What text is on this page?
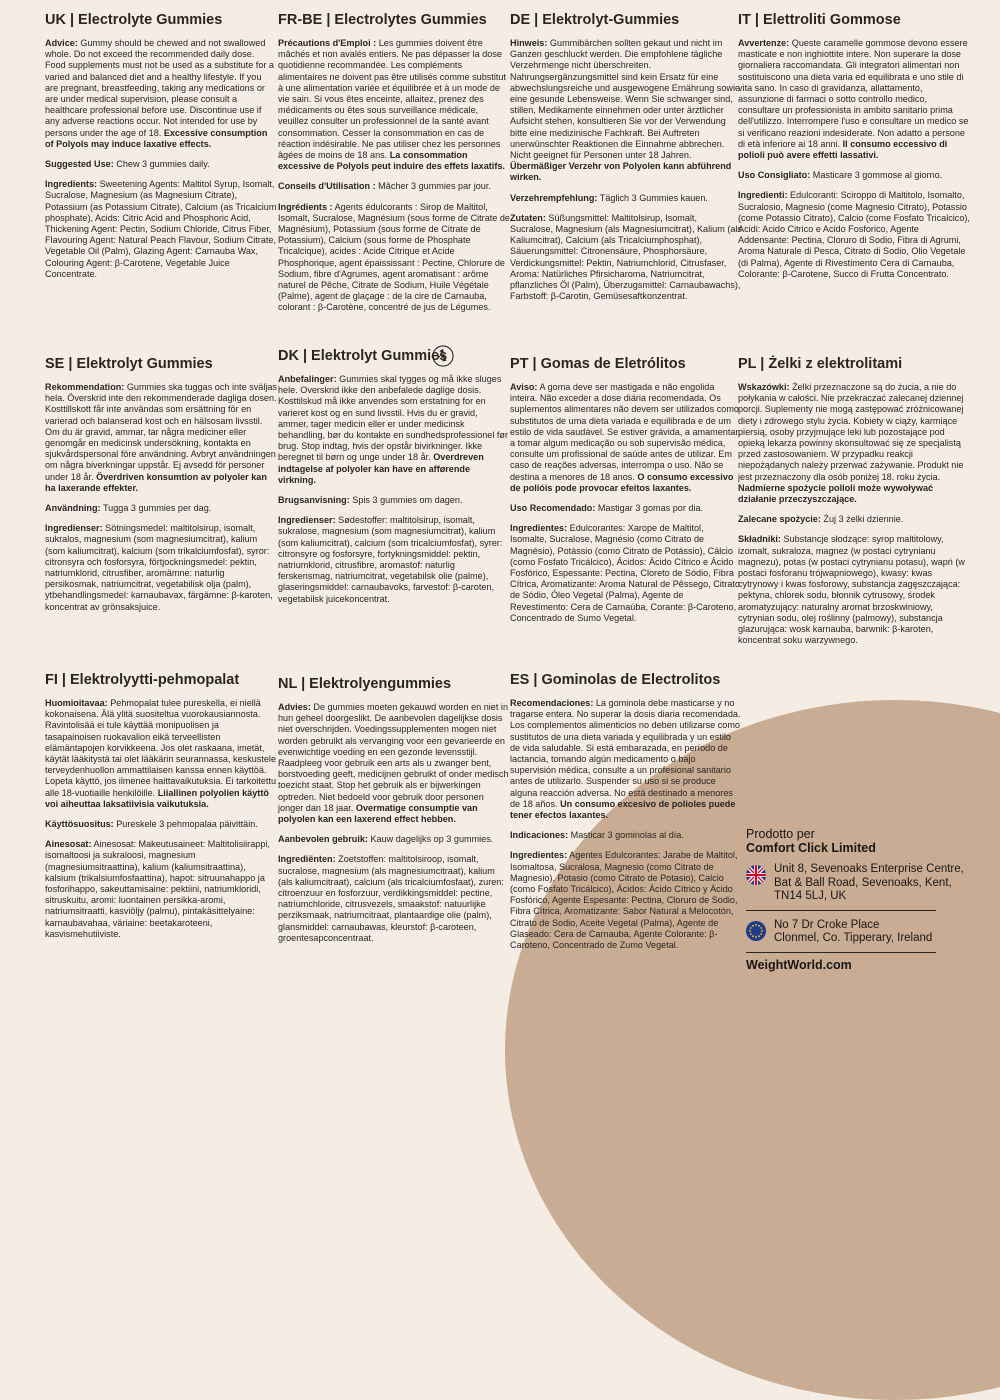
UK | Electrolyte Gummies

Advice: Gummy should be chewed and not swallowed whole. Do not exceed the recommended daily dose. Food supplements must not be used as a substitute for a varied and balanced diet and a healthy lifestyle. If you are pregnant, breastfeeding, taking any medications or are under medical supervision, please consult a healthcare professional before use. Discontinue use if any adverse reactions occur. Not intended for use by persons under the age of 18. Excessive consumption of Polyols may induce laxative effects.

Suggested Use: Chew 3 gummies daily.

Ingredients: Sweetening Agents: Maltitol Syrup, Isomalt, Sucralose, Magnesium (as Magnesium Citrate), Potassium (as Potassium Citrate), Calcium (as Tricalcium phosphate), Acids: Citric Acid and Phosphoric Acid, Thickening Agent: Pectin, Sodium Chloride, Citrus Fiber, Flavouring Agent: Natural Peach Flavour, Sodium Citrate, Vegetable Oil (Palm), Glazing Agent: Carnauba Wax, Colouring Agent: β-Carotene, Vegetable Juice Concentrate.

FR-BE | Electrolytes Gummies

Précautions d'Emploi : Les gummies doivent être mâchés et non avalés entiers. Ne pas dépasser la dose quotidienne recommandée. Les compléments alimentaires ne doivent pas être utilisés comme substitut à une alimentation variée et équilibrée et à un mode de vie sain. Si vous êtes enceinte, allaitez, prenez des médicaments ou êtes sous surveillance médicale, veuillez consulter un professionnel de la santé avant consommation. Cesser la consommation en cas de réaction indésirable. Ne pas utiliser chez les personnes âgées de moins de 18 ans. La consommation excessive de Polyols peut induire des effets laxatifs.

Conseils d'Utilisation : Mâcher 3 gummies par jour.

Ingrédients : Agents édulcorants : Sirop de Maltitol, Isomalt, Sucralose, Magnésium (sous forme de Citrate de Magnésium), Potassium (sous forme de Citrate de Potassium), Calcium (sous forme de Phosphate Tricalcique), acides : Acide Citrique et Acide Phosphorique, agent épaississant : Pectine, Chlorure de Sodium, fibre d'Agrumes, agent aromatisant : arôme naturel de Pêche, Citrate de Sodium, Huile Végétale (Palme), agent de glaçage : de la cire de Carnauba, colorant : β-Carotène, concentré de jus de Légumes.

DE | Elektrolyt-Gummies

Hinweis: Gummibärchen sollten gekaut und nicht im Ganzen geschluckt werden. Die empfohlene tägliche Verzehrmenge nicht überschreiten. Nahrungsergänzungsmittel sind kein Ersatz für eine abwechslungsreiche und ausgewogene Ernährung sowie eine gesunde Lebensweise. Wenn Sie schwanger sind, stillen, Medikamente einnehmen oder unter ärztlicher Aufsicht stehen, konsultieren Sie vor der Verwendung bitte eine medizinische Fachkraft. Bei Auftreten unerwünschter Reaktionen die Einnahme abbrechen. Nicht geeignet für Personen unter 18 Jahren. Übermäßiger Verzehr von Polyolen kann abführend wirken.

Verzehrempfehlung: Täglich 3 Gummies kauen.

Zutaten: Süßungsmittel: Maltitolsirup, Isomalt, Sucralose, Magnesium (als Magnesiumcitrat), Kalium (als Kaliumcitrat), Calcium (als Tricalciumphosphat), Säuerungsmittel: Citronensäure, Phosphorsäure, Verdickungsmittel: Pektin, Natriumchlorid, Citrusfaser, Aroma: Natürliches Pfirsicharoma, Natriumcitrat, pflanzliches Öl (Palm), Überzugsmittel: Carnaubawachs), Farbstoff: β-Carotin, Gemüsesaftkonzentrat.

IT | Elettroliti Gommose

Avvertenze: Queste caramelle gommose devono essere masticate e non inghiottite intere. Non superare la dose giornaliera raccomandata. Gli integratori alimentari non sostituiscono una dieta varia ed equilibrata e uno stile di vita sano. In caso di gravidanza, allattamento, assunzione di farmaci o sotto controllo medico, consultare un professionista in ambito sanitario prima dell'utilizzo. Interrompere l'uso e consultare un medico se si verificano reazioni indesiderate. Non adatto a persone di età inferiore ai 18 anni. Il consumo eccessivo di polioli può avere effetti lassativi.

Uso Consigliato: Masticare 3 gommose al giorno.

Ingredienti: Edulcoranti: Sciroppo di Maltitolo, Isomalto, Sucralosio, Magnesio (come Magnesio Citrato), Potassio (come Potassio Citrato), Calcio (come Fosfato Tricalcico), Acidi: Acido Citrico e Acido Fosforico, Agente Addensante: Pectina, Cloruro di Sodio, Fibra di Agrumi, Aroma Naturale di Pesca, Citrato di Sodio, Olio Vegetale (di Palma), Agente di Rivestimento Cera di Carnauba, Colorante: β-Carotene, Succo di Frutta Concentrato.

SE | Elektrolyt Gummies

Rekommendation: Gummies ska tuggas och inte sväljas hela. Överskrid inte den rekommenderade dagliga dosen. Kosttillskott får inte användas som ersättning för en varierad och balanserad kost och en hälsosam livsstil. Om du är gravid, ammar, tar några mediciner eller genomgår en medicinsk undersökning, kontakta en sjukvårdspersonal före användning. Avbryt användningen om några biverkningar uppstår. Ej avsedd för personer under 18 år. Överdriven konsumtion av polyoler kan ha laxerande effekter.

Användning: Tugga 3 gummies per dag.

Ingredienser: Sötningsmedel: maltitolsirup, isomalt, sukralos, magnesium (som magnesiumcitrat), kalium (som kaliumcitrat), kalcium (som trikalciumfosfat), syror: citronsyra och fosforsyra, förtjockningsmedel: pektin, natriumklorid, citrusfiber, aromämne: naturlig persikosmak, natriumcitrat, vegetabilisk olja (palm), ytbehandlingsmedel: karnaubavax, färgämne: β-karoten, koncentrat av grönsaksjuice.

DK | Elektrolyt Gummies

Anbefalinger: Gummies skal tygges og må ikke sluges hele. Overskrid ikke den anbefalede daglige dosis. Kosttilskud må ikke anvendes som erstatning for en varieret kost og en sund livsstil. Hvis du er gravid, ammer, tager medicin eller er under medicinsk behandling, bør du kontakte en sundhedsprofessionel før brug. Stop indtag, hvis der opstår bivirkninger. Ikke beregnet til børn og unge under 18 år. Overdreven indtagelse af polyoler kan have en afførende virkning.

Brugsanvisning: Spis 3 gummies om dagen.

Ingredienser: Sødestoffer: maltitolsirup, isomalt, sukralose, magnesium (som magnesiumcitrat), kalium (som kaliumcitrat), calcium (som tricalciumfosfat), syrer: citronsyre og fosforsyre, fortykningsmiddel: pektin, natriumklorid, citrusfibre, aromastof: naturlig ferskensmag, natriumcitrat, vegetabilsk olie (palme), glaseringsmiddel: carnaubavoks, farvestof: β-caroten, vegetabilsk juicekoncentrat.

PT | Gomas de Eletrólitos

Aviso: A goma deve ser mastigada e não engolida inteira. Não exceder a dose diária recomendada. Os suplementos alimentares não devem ser utilizados como substitutos de uma dieta variada e equilibrada e de um estilo de vida saudável. Se estiver grávida, a amamentar, a tomar algum medicação ou sob supervisão médica, consulte um profissional de saúde antes de utilizar. Em caso de reações adversas, interrompa o uso. Não se destina a menores de 18 anos. O consumo excessivo de polióis pode provocar efeitos laxantes.

Uso Recomendado: Mastigar 3 gomas por dia.

Ingredientes: Edulcorantes: Xarope de Maltitol, Isomalte, Sucralose, Magnésio (como Citrato de Magnésio), Potássio (como Citrato de Potássio), Cálcio (como Fosfato Tricálcico), Ácidos: Ácido Cítrico e Ácido Fosfórico, Espessante: Pectina, Cloreto de Sódio, Fibra Cítrica, Aromatizante: Aroma Natural de Pêssego, Citrato de Sódio, Óleo Vegetal (Palma), Agente de Revestimento: Cera de Carnaúba, Corante: β-Caroteno, Concentrado de Sumo Vegetal.

PL | Żelki z elektrolitami

Wskazówki: Żelki przeznaczone są do żucia, a nie do połykania w całości. Nie przekraczać zalecanej dziennej porcji. Suplementy nie mogą zastępować zróżnicowanej diety i zdrowego stylu życia. Kobiety w ciąży, karmiące piersią, osoby przyjmujące leki lub pozostające pod opieką lekarza powinny skonsultować się ze specjalistą przed zastosowaniem. W przypadku reakcji niepożądanych należy przerwać zażywanie. Produkt nie jest przeznaczony dla osób poniżej 18. roku życia. Nadmierne spożycie polioli może wywoływać działanie przeczyszczające.

Zalecane spożycie: Żuj 3 żelki dziennie.

Składniki: Substancje słodzące: syrop maltitolowy, izomalt, sukraloza, magnez (w postaci cytrynianu magnezu), potas (w postaci cytrynianu potasu), wapń (w postaci fosforanu trójwapniowego), kwasy: kwas cytrynowy i kwas fosforowy, substancja zagęszczająca: pektyna, chlorek sodu, błonnik cytrusowy, środek aromatyzujący: naturalny aromat brzoskwiniowy, cytrynian sodu, olej roślinny (palmowy), substancja glazurująca: wosk karnauba, barwnik: β-karoten, koncentrat soku warzywnego.

FI | Elektrolyytti-pehmopalat

Huomioitavaa: Pehmopalat tulee pureskella, ei niellä kokonaisena. Älä ylitä suositeltua vuorokausiannosta. Ravintolisää ei tule käyttää monipuolisen ja tasapainoisen ruokavalion eikä terveellisten elämäntapojen korvikkeena. Jos olet raskaana, imetät, käytät lääkitystä tai olet lääkärin seurannassa, keskustele terveydenhuollon ammattilaisen kanssa ennen käyttöä. Lopeta käyttö, jos ilmenee haittavaikutuksia. Ei tarkoitettu alle 18-vuotiaille henkilöille. Liiallinen polyolien käyttö voi aiheuttaa laksatiivisia vaikutuksia.

Käyttösuositus: Pureskele 3 pehmopalaa päivittäin.

Ainesosat: Ainesosat: Makeutusaineet: Maltitolisiirappi, isomaltoosi ja sukraloosi, magnesium (magnesiumsitraattina), kalium (kaliumsitraattina), kalsium (trikalsiumfosfaattina), hapot: sitruunahappo ja fosforihappo, sakeuttamisaine: pektiini, natriumkloridi, sitruskuitu, aromi: luontainen persikka-aromi, natriumsitraatti, kasviöljy (palmu), pintakäsittelyaine: karnaubavahaa, väriaine: beetakaroteeni, kasvismehutiiviste.

NL | Elektrolyengummies

Advies: De gummies moeten gekauwd worden en niet in hun geheel doorgeslikt. De aanbevolen dagelijkse dosis niet overschrijden. Voedingssupplementen mogen niet worden gebruikt als vervanging voor een gevarieerde en evenwichtige voeding en een gezonde levensstijl. Raadpleeg voor gebruik een arts als u zwanger bent, borstvoeding geeft, medicijnen gebruikt of onder medisch toezicht staat. Stop het gebruik als er bijwerkingen optreden. Niet bedoeld voor gebruik door personen jonger dan 18 jaar. Overmatige consumptie van polyolen kan een laxerend effect hebben.

Aanbevolen gebruik: Kauw dagelijks op 3 gummies.

Ingrediënten: Zoetstoffen: maltitolsiroop, isomalt, sucralose, magnesium (als magnesiumcitraat), kalium (als kaliumcitraat), calcium (als tricalciumfosfaat), zuren: citroenzuur en fosforzuur, verdikkingsmiddel: pectine, natriumchloride, citrusvezels, smaakstof: natuurlijke perziksmaak, natriumcitraat, plantaardige olie (palm), glansmiddel: carnaubawas, kleurstof: β-caroteen, groentesapconcentraat.

ES | Gominolas de Electrolitos

Recomendaciones: La gominola debe masticarse y no tragarse entera. No superar la dosis diaria recomendada. Los complementos alimenticios no deben utilizarse como sustitutos de una dieta variada y equilibrada y un estilo de vida saludable. Si está embarazada, en período de lactancia, tomando algún medicamento o bajo supervisión médica, consulte a un profesional sanitario antes de utilizarlo. Suspender su uso si se produce alguna reacción adversa. No está destinado a menores de 18 años. Un consumo excesivo de polioles puede tener efectos laxantes.

Indicaciones: Masticar 3 gominolas al día.

Ingredientes: Agentes Edulcorantes: Jarabe de Maltitol, Isomaltosa, Sucralosa, Magnesio (como Citrato de Magnesio), Potasio (como Citrato de Potasio), Calcio (como Fosfato Tricálcico), Ácidos: Ácido Cítrico y Ácido Fosfórico, Agente Espesante: Pectina, Cloruro de Sodio, Fibra Cítrica, Aromatizante: Sabor Natural a Melocotón, Citrato de Sodio, Aceite Vegetal (Palma), Agente de Glaseado: Cera de Carnauba, Agente Colorante: β-Caroteno, Concentrado de Zumo Vegetal.

Prodotto per
Comfort Click Limited
Unit 8, Sevenoaks Enterprise Centre,
Bat & Ball Road, Sevenoaks, Kent,
TN14 5LJ, UK
No 7 Dr Croke Place
Clonmel, Co. Tipperary, Ireland
WeightWorld.com
